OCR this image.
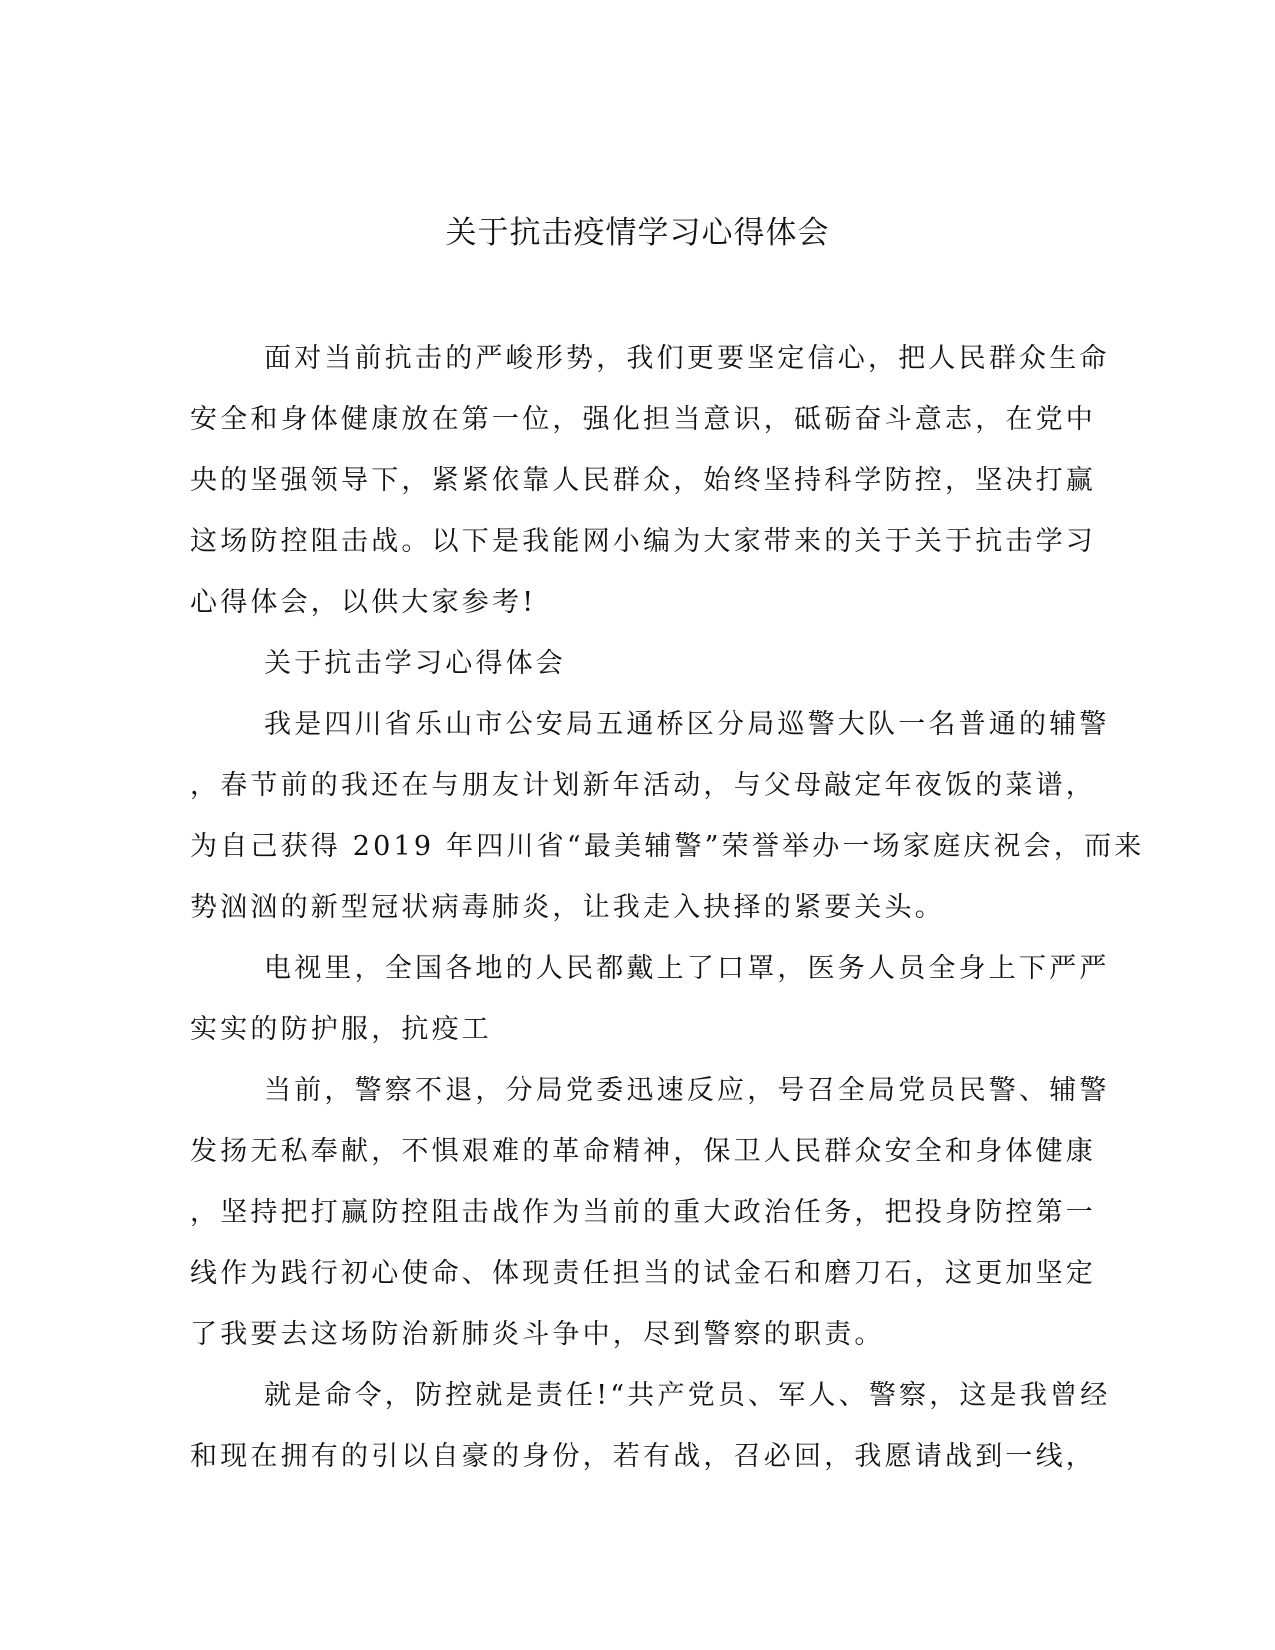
关于抗击疫情学习心得体会
面对当前抗击的严峻形势，我们更要坚定信心，把人民群众生命
安全和身体健康放在第一位，强化担当意识，砥砺奋斗意志，在党中
央的坚强领导下，紧紧依靠人民群众，始终坚持科学防控，坚决打赢
这场防控阻击战。以下是我能网小编为大家带来的关于关于抗击学习
心得体会，以供大家参考!
关于抗击学习心得体会
我是四川省乐山市公安局五通桥区分局巡警大队一名普通的辅警
，春节前的我还在与朋友计划新年活动，与父母敲定年夜饭的菜谱，
为自己获得 2019 年四川省“最美辅警”荣誉举办一场家庭庆祝会，而来
势汹汹的新型冠状病毒肺炎，让我走入抉择的紧要关头。
电视里，全国各地的人民都戴上了口罩，医务人员全身上下严严
实实的防护服，抗疫工
当前，警察不退，分局党委迅速反应，号召全局党员民警、辅警
发扬无私奉献，不惧艰难的革命精神，保卫人民群众安全和身体健康
，坚持把打赢防控阻击战作为当前的重大政治任务，把投身防控第一
线作为践行初心使命、体现责任担当的试金石和磨刀石，这更加坚定
了我要去这场防治新肺炎斗争中，尽到警察的职责。
就是命令，防控就是责任!“共产党员、军人、警察，这是我曾经
和现在拥有的引以自豪的身份，若有战，召必回，我愿请战到一线，
